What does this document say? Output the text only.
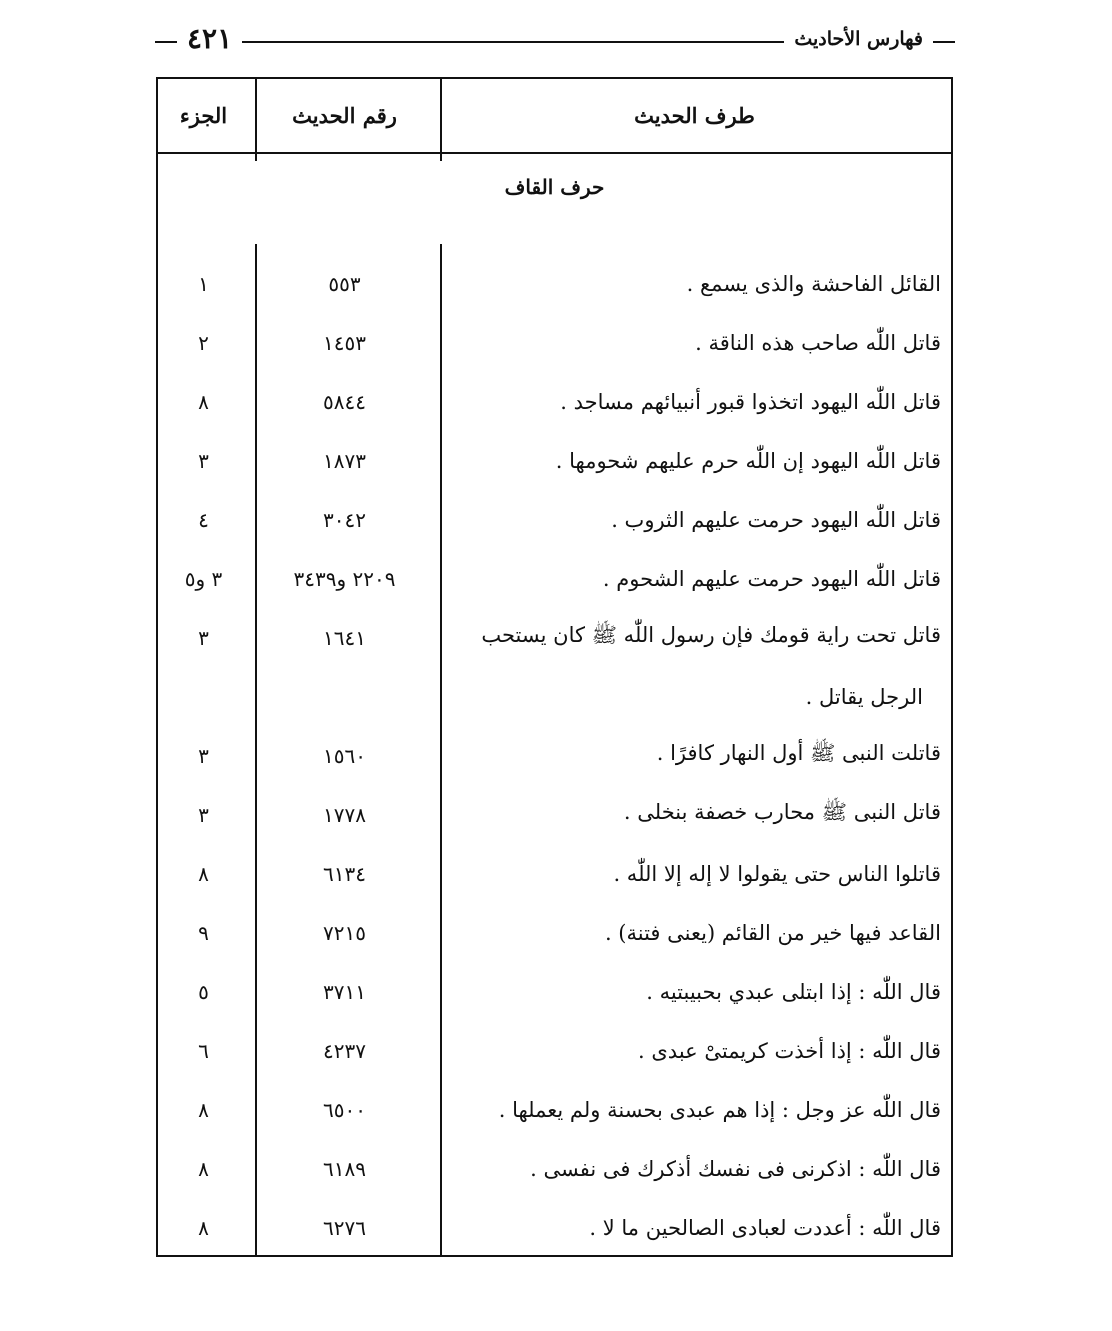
فهارس الأحاديث
٤٢١
طرف الحديث
رقم الحديث
الجزء
حرف القاف
القائل الفاحشة والذى يسمع .
٥٥٣
١
قاتل اللّٰه صاحب هذه الناقة .
١٤٥٣
٢
قاتل اللّٰه اليهود اتخذوا قبور أنبيائهم مساجد .
٥٨٤٤
٨
قاتل اللّٰه اليهود إن اللّٰه حرم عليهم شحومها .
١٨٧٣
٣
قاتل اللّٰه اليهود حرمت عليهم الثروب .
٣٠٤٢
٤
قاتل اللّٰه اليهود حرمت عليهم الشحوم .
٢٢٠٩ و٣٤٣٩
٣ و٥
قاتل تحت راية قومك فإن رسول اللّٰه ﷺ كان يستحب
١٦٤١
٣
الرجل يقاتل .
قاتلت النبى ﷺ أول النهار كافرًا .
١٥٦٠
٣
قاتل النبى ﷺ محارب خصفة بنخلى .
١٧٧٨
٣
قاتلوا الناس حتى يقولوا لا إله إلا اللّٰه .
٦١٣٤
٨
القاعد فيها خير من القائم (يعنى فتنة) .
٧٢١٥
٩
قال اللّٰه : إذا ابتلى عبدي بحبيبتيه .
٣٧١١
٥
قال اللّٰه : إذا أخذت كريمتىْ عبدى .
٤٢٣٧
٦
قال اللّٰه عز وجل : إذا هم عبدى بحسنة ولم يعملها .
٦٥٠٠
٨
قال اللّٰه : اذكرنى فى نفسك أذكرك فى نفسى .
٦١٨٩
٨
قال اللّٰه : أعددت لعبادى الصالحين ما لا .
٦٢٧٦
٨
